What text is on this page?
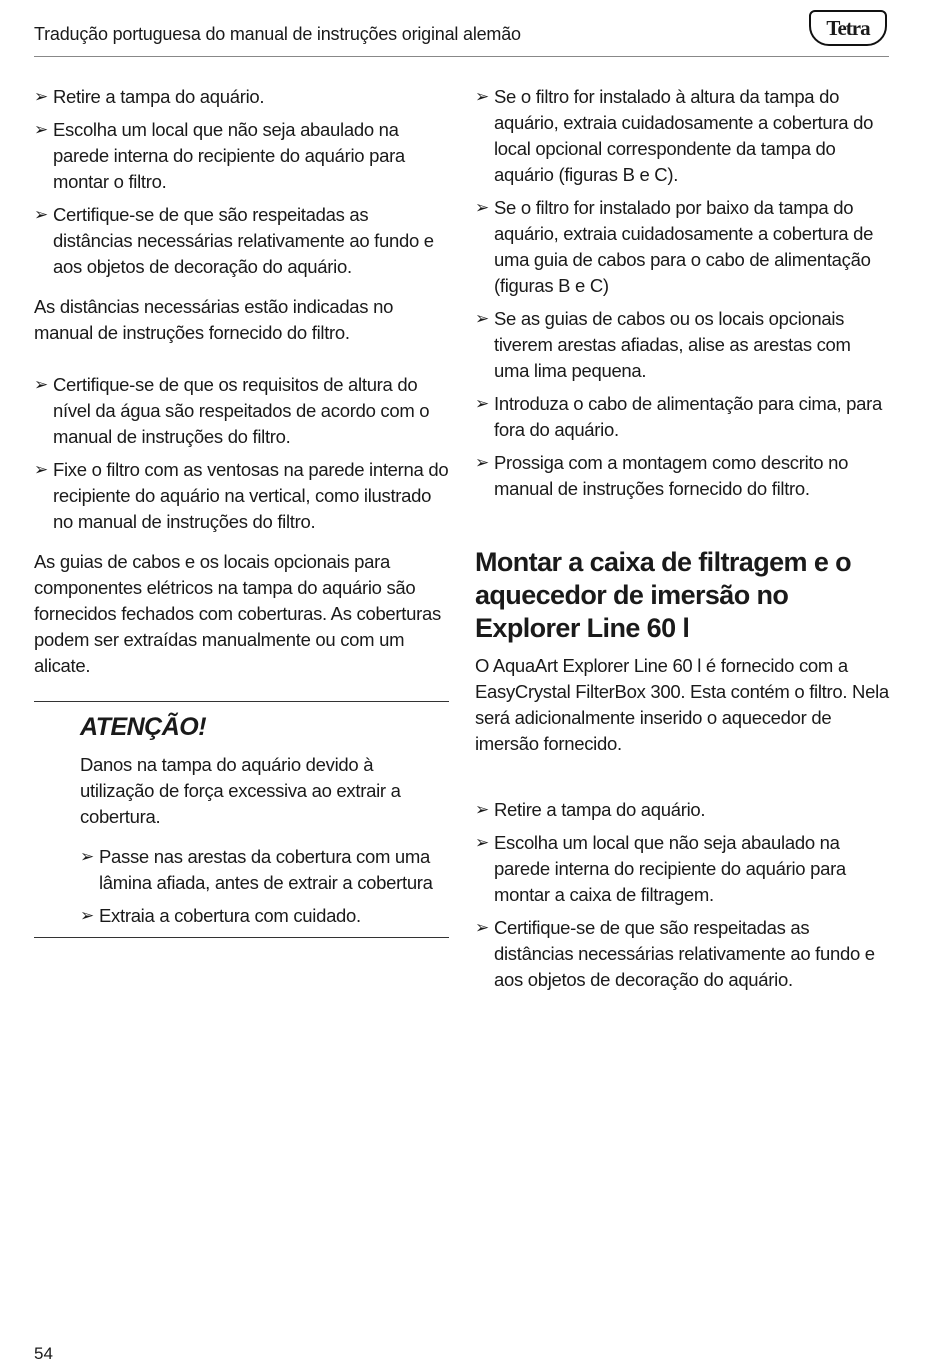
Tradução portuguesa do manual de instruções original alemão	Tetra
➢ Retire a tampa do aquário.
➢ Escolha um local que não seja abaulado na parede interna do recipiente do aquário para montar o filtro.
➢ Certifique-se de que são respeitadas as distâncias necessárias relativamente ao fundo e aos objetos de decoração do aquário.

As distâncias necessárias estão indicadas no manual de instruções fornecido do filtro.

➢ Certifique-se de que os requisitos de altura do nível da água são respeitados de acordo com o manual de instruções do filtro.
➢ Fixe o filtro com as ventosas na parede interna do recipiente do aquário na vertical, como ilustrado no manual de instruções do filtro.

As guias de cabos e os locais opcionais para componentes elétricos na tampa do aquário são fornecidos fechados com coberturas. As coberturas podem ser extraídas manualmente ou com um alicate.

ATENÇÃO!

Danos na tampa do aquário devido à utilização de força excessiva ao extrair a cobertura.

➢ Passe nas arestas da cobertura com uma lâmina afiada, antes de extrair a cobertura
➢ Extraia a cobertura com cuidado.
➢ Se o filtro for instalado à altura da tampa do aquário, extraia cuidadosamente a cobertura do local opcional correspondente da tampa do aquário (figuras B e C).
➢ Se o filtro for instalado por baixo da tampa do aquário, extraia cuidadosamente a cobertura de uma guia de cabos para o cabo de alimentação (figuras B e C)
➢ Se as guias de cabos ou os locais opcionais tiverem arestas afiadas, alise as arestas com uma lima pequena.
➢ Introduza o cabo de alimentação para cima, para fora do aquário.
➢ Prossiga com a montagem como descrito no manual de instruções fornecido do filtro.
Montar a caixa de filtragem e o aquecedor de imersão no Explorer Line 60 l

O AquaArt Explorer Line 60 l é fornecido com a EasyCrystal FilterBox 300. Esta contém o filtro. Nela será adicionalmente inserido o aquecedor de imersão fornecido.

➢ Retire a tampa do aquário.
➢ Escolha um local que não seja abaulado na parede interna do recipiente do aquário para montar a caixa de filtragem.
➢ Certifique-se de que são respeitadas as distâncias necessárias relativamente ao fundo e aos objetos de decoração do aquário.
54
